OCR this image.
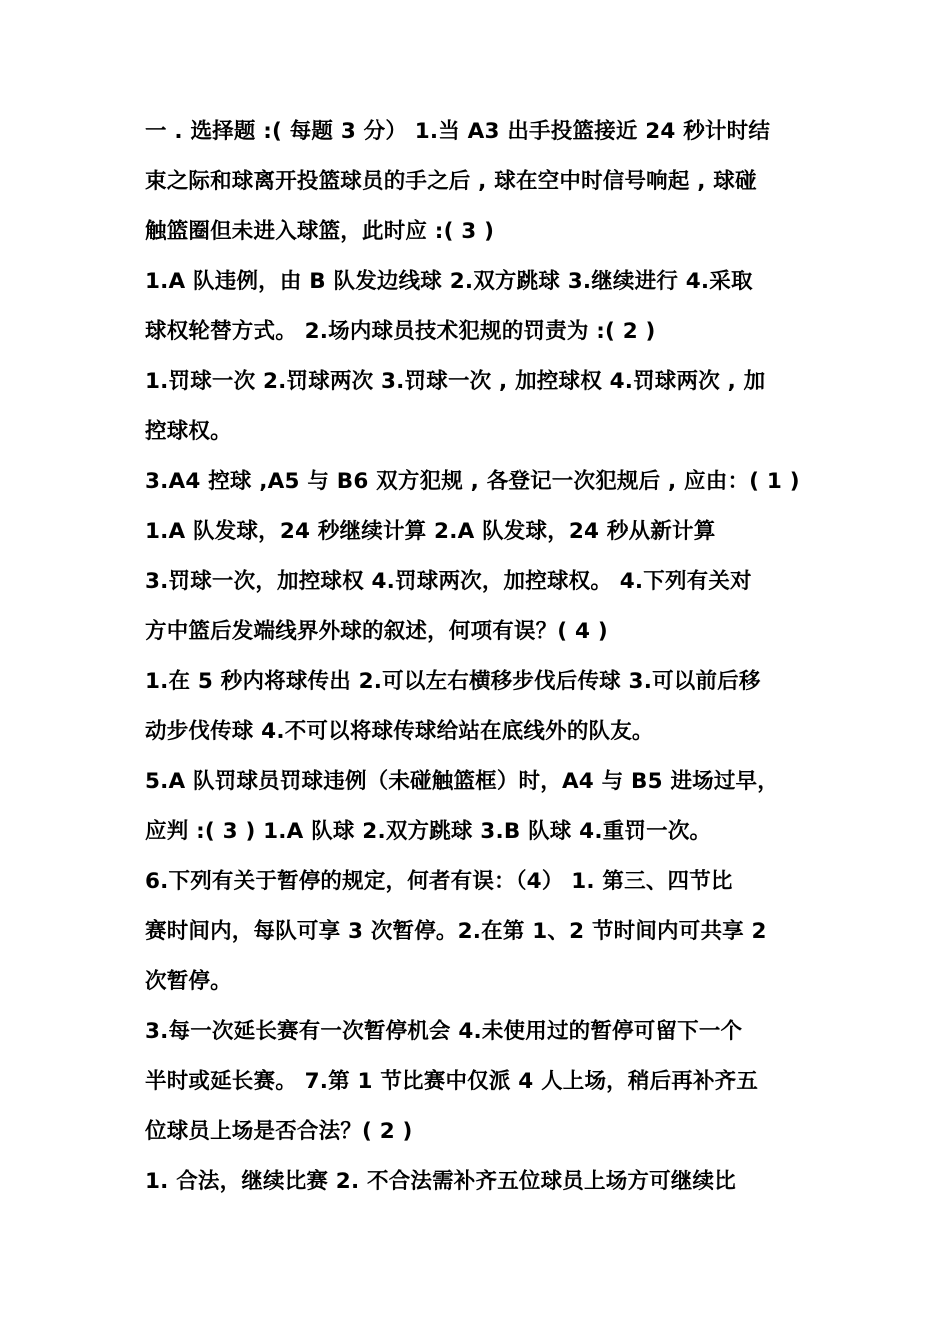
一 . 选择题 :( 每题 3 分） 1.当 A3 出手投篮接近 24 秒计时结
束之际和球离开投篮球员的手之后 , 球在空中时信号响起 , 球碰
触篮圈但未进入球篮，此时应 :( 3 )
1.A 队违例，由 B 队发边线球 2.双方跳球 3.继续进行 4.采取
球权轮替方式。 2.场内球员技术犯规的罚责为 :( 2 )
1.罚球一次 2.罚球两次 3.罚球一次 , 加控球权 4.罚球两次 , 加
控球权。
3.A4 控球 ,A5 与 B6 双方犯规 , 各登记一次犯规后 , 应由：( 1 )
1.A 队发球，24 秒继续计算 2.A 队发球，24 秒从新计算
3.罚球一次，加控球权 4.罚球两次，加控球权。 4.下列有关对
方中篮后发端线界外球的叙述，何项有误？( 4 )
1.在 5 秒内将球传出 2.可以左右横移步伐后传球 3.可以前后移
动步伐传球 4.不可以将球传球给站在底线外的队友。
5.A 队罚球员罚球违例（未碰触篮框）时，A4 与 B5 进场过早，
应判 :( 3 ) 1.A 队球 2.双方跳球 3.B 队球 4.重罚一次。
6.下列有关于暂停的规定，何者有误：（4） 1. 第三、四节比
赛时间内，每队可享 3 次暂停。2.在第 1、2 节时间内可共享 2
次暂停。
3.每一次延长赛有一次暂停机会 4.未使用过的暂停可留下一个
半时或延长赛。 7.第 1 节比赛中仅派 4 人上场，稍后再补齐五
位球员上场是否合法？( 2 )
1. 合法，继续比赛 2. 不合法需补齐五位球员上场方可继续比
